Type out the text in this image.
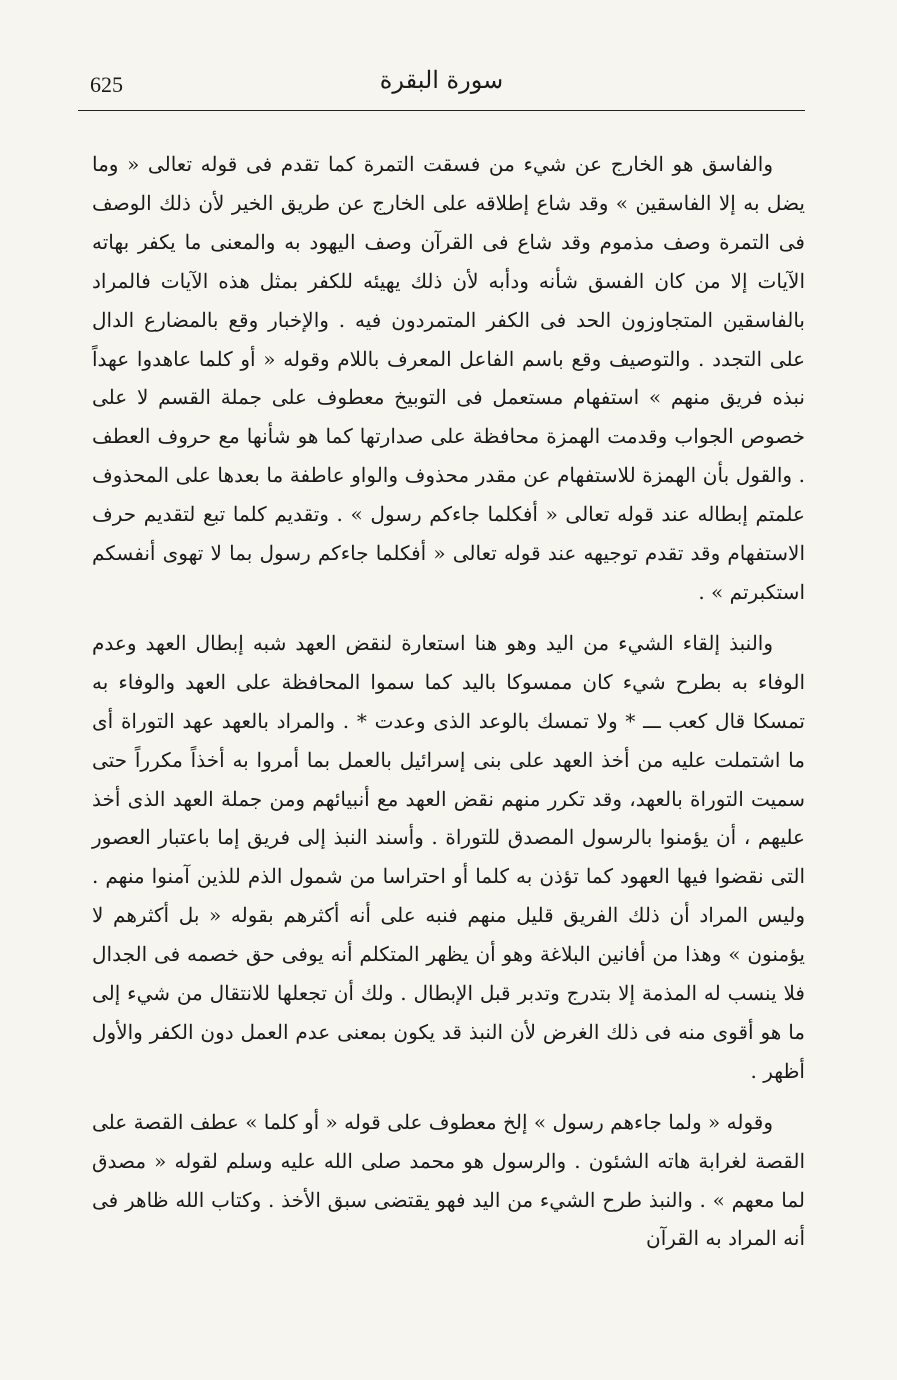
625	سورة البقرة

والفاسق هو الخارج عن شيء من فسقت التمرة كما تقدم فى قوله تعالى « وما يضل به إلا الفاسقين » وقد شاع إطلاقه على الخارج عن طريق الخير لأن ذلك الوصف فى التمرة وصف مذموم وقد شاع فى القرآن وصف اليهود به والمعنى ما يكفر بهاته الآيات إلا من كان الفسق شأنه ودأبه لأن ذلك يهيئه للكفر بمثل هذه الآيات فالمراد بالفاسقين المتجاوزون الحد فى الكفر المتمردون فيه . والإخبار وقع بالمضارع الدال على التجدد . والتوصيف وقع باسم الفاعل المعرف باللام وقوله « أو كلما عاهدوا عهداً نبذه فريق منهم » استفهام مستعمل فى التوبيخ معطوف على جملة القسم لا على خصوص الجواب وقدمت الهمزة محافظة على صدارتها كما هو شأنها مع حروف العطف . والقول بأن الهمزة للاستفهام عن مقدر محذوف والواو عاطفة ما بعدها على المحذوف علمتم إبطاله عند قوله تعالى « أفكلما جاءكم رسول » . وتقديم كلما تبع لتقديم حرف الاستفهام وقد تقدم توجيهه عند قوله تعالى « أفكلما جاءكم رسول بما لا تهوى أنفسكم استكبرتم » .

والنبذ إلقاء الشيء من اليد وهو هنا استعارة لنقض العهد شبه إبطال العهد وعدم الوفاء به بطرح شيء كان ممسوكا باليد كما سموا المحافظة على العهد والوفاء به تمسكا قال كعب ـــ * ولا تمسك بالوعد الذى وعدت * . والمراد بالعهد عهد التوراة أى ما اشتملت عليه من أخذ العهد على بنى إسرائيل بالعمل بما أمروا به أخذاً مكرراً حتى سميت التوراة بالعهد، وقد تكرر منهم نقض العهد مع أنبيائهم ومن جملة العهد الذى أخذ عليهم ، أن يؤمنوا بالرسول المصدق للتوراة . وأسند النبذ إلى فريق إما باعتبار العصور التى نقضوا فيها العهود كما تؤذن به كلما أو احتراسا من شمول الذم للذين آمنوا منهم . وليس المراد أن ذلك الفريق قليل منهم فنبه على أنه أكثرهم بقوله « بل أكثرهم لا يؤمنون » وهذا من أفانين البلاغة وهو أن يظهر المتكلم أنه يوفى حق خصمه فى الجدال فلا ينسب له المذمة إلا بتدرج وتدبر قبل الإبطال . ولك أن تجعلها للانتقال من شيء إلى ما هو أقوى منه فى ذلك الغرض لأن النبذ قد يكون بمعنى عدم العمل دون الكفر والأول أظهر .

وقوله « ولما جاءهم رسول » إلخ معطوف على قوله « أو كلما » عطف القصة على القصة لغرابة هاته الشئون . والرسول هو محمد صلى الله عليه وسلم لقوله « مصدق لما معهم » . والنبذ طرح الشيء من اليد فهو يقتضى سبق الأخذ . وكتاب الله ظاهر فى أنه المراد به القرآن
